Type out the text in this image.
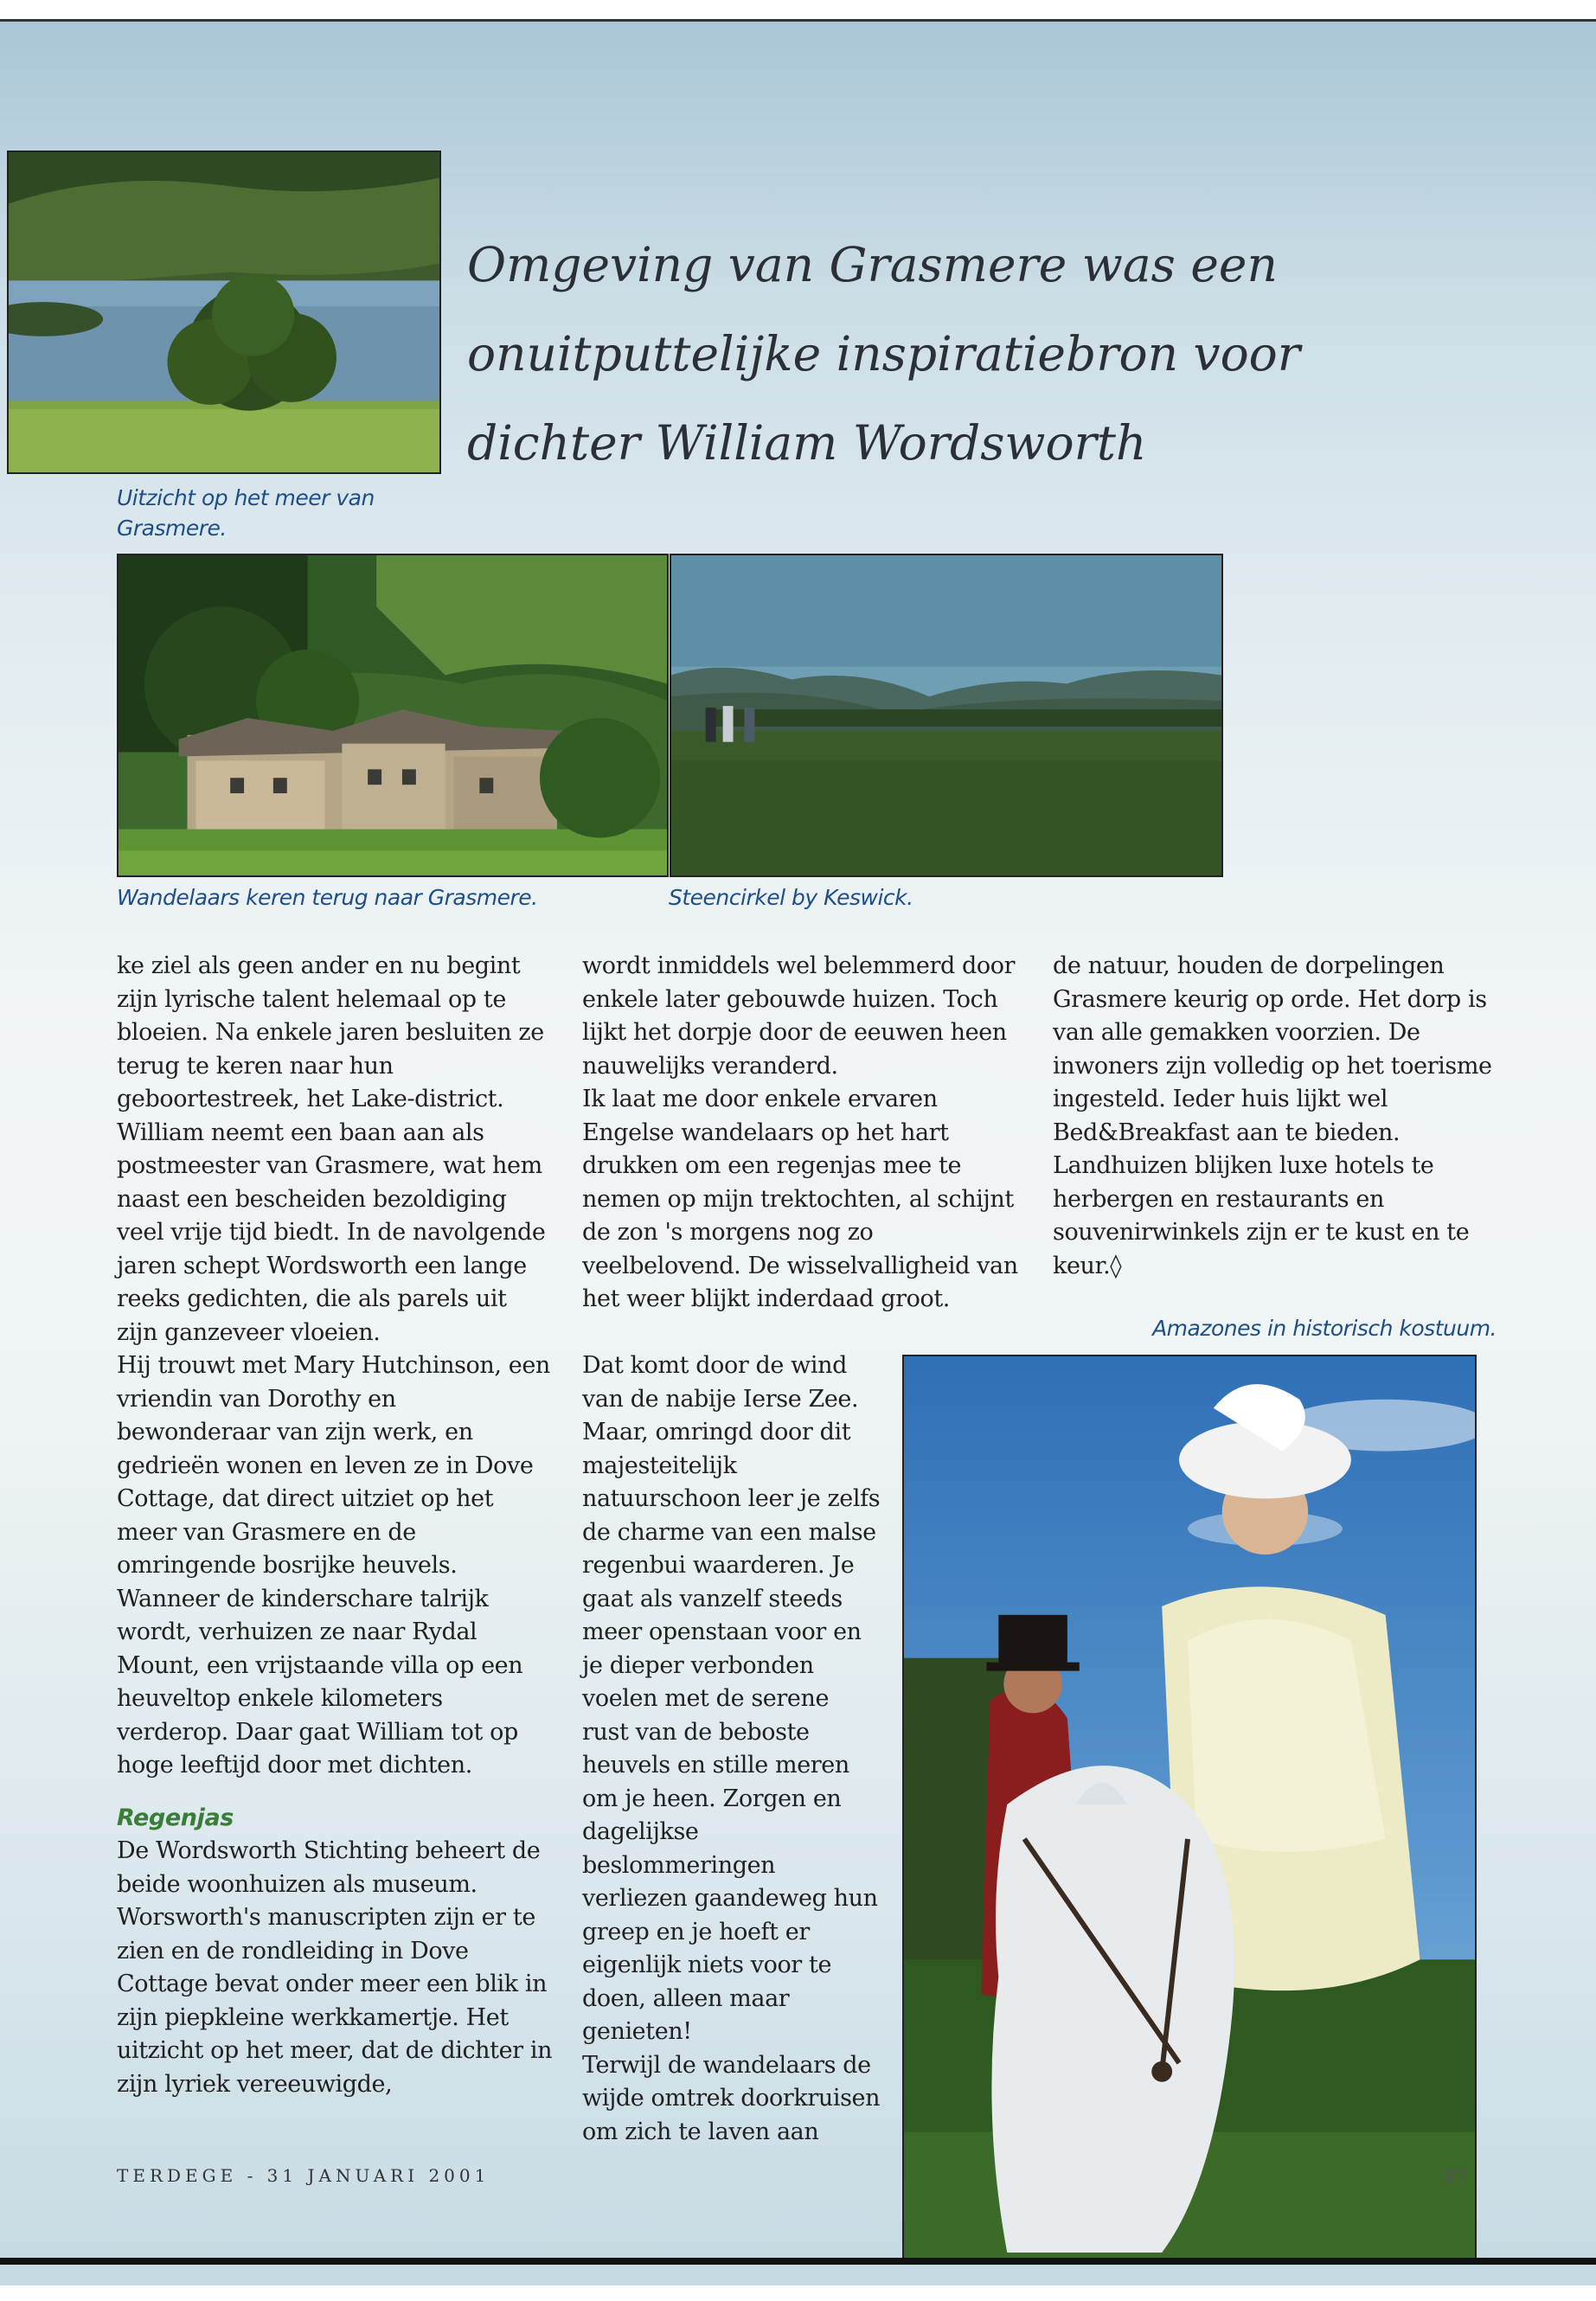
Omgeving van Grasmere was een onuitputtelijke inspiratiebron voor dichter William Wordsworth
Uitzicht op het meer van Grasmere.
Wandelaars keren terug naar Grasmere.	Steencirkel by Keswick.

ke ziel als geen ander en nu begint zijn lyrische talent helemaal op te bloeien. Na enkele jaren besluiten ze terug te keren naar hun geboortestreek, het Lake-district. William neemt een baan aan als postmeester van Grasmere, wat hem naast een bescheiden bezoldiging veel vrije tijd biedt. In de navolgende jaren schept Wordsworth een lange reeks gedichten, die als parels uit zijn ganzeveer vloeien.

Hij trouwt met Mary Hutchinson, een vriendin van Dorothy en bewonderaar van zijn werk, en gedrieën wonen en leven ze in Dove Cottage, dat direct uitziet op het meer van Grasmere en de omringende bosrijke heuvels. Wanneer de kinderschare talrijk wordt, verhuizen ze naar Rydal Mount, een vrijstaande villa op een heuveltop enkele kilometers verderop. Daar gaat William tot op hoge leeftijd door met dichten.

Regenjas

De Wordsworth Stichting beheert de beide woonhuizen als museum. Worsworth's manuscripten zijn er te zien en de rondleiding in Dove Cottage bevat onder meer een blik in zijn piepkleine werkkamertje. Het uitzicht op het meer, dat de dichter in zijn lyriek vereeuwigde,

wordt inmiddels wel belemmerd door enkele later gebouwde huizen. Toch lijkt het dorpje door de eeuwen heen nauwelijks veranderd.

Ik laat me door enkele ervaren Engelse wandelaars op het hart drukken om een regenjas mee te nemen op mijn trektochten, al schijnt de zon 's morgens nog zo veelbelovend. De wisselvalligheid van het weer blijkt inderdaad groot.

Dat komt door de wind van de nabije Ierse Zee. Maar, omringd door dit majesteitelijk natuurschoon leer je zelfs de charme van een malse regenbui waarderen. Je gaat als vanzelf steeds meer openstaan voor en je dieper verbonden voelen met de serene rust van de beboste heuvels en stille meren om je heen. Zorgen en dagelijkse beslommeringen verliezen gaandeweg hun greep en je hoeft er eigenlijk niets voor te doen, alleen maar genieten!

Terwijl de wandelaars de wijde omtrek doorkruisen om zich te laven aan

de natuur, houden de dorpelingen Grasmere keurig op orde. Het dorp is van alle gemakken voorzien. De inwoners zijn volledig op het toerisme ingesteld. Ieder huis lijkt wel Bed&Breakfast aan te bieden. Landhuizen blijken luxe hotels te herbergen en restaurants en souvenirwinkels zijn er te kust en te keur.◊

Amazones in historisch kostuum.
TERDEGE - 31 JANUARI 2001	97
